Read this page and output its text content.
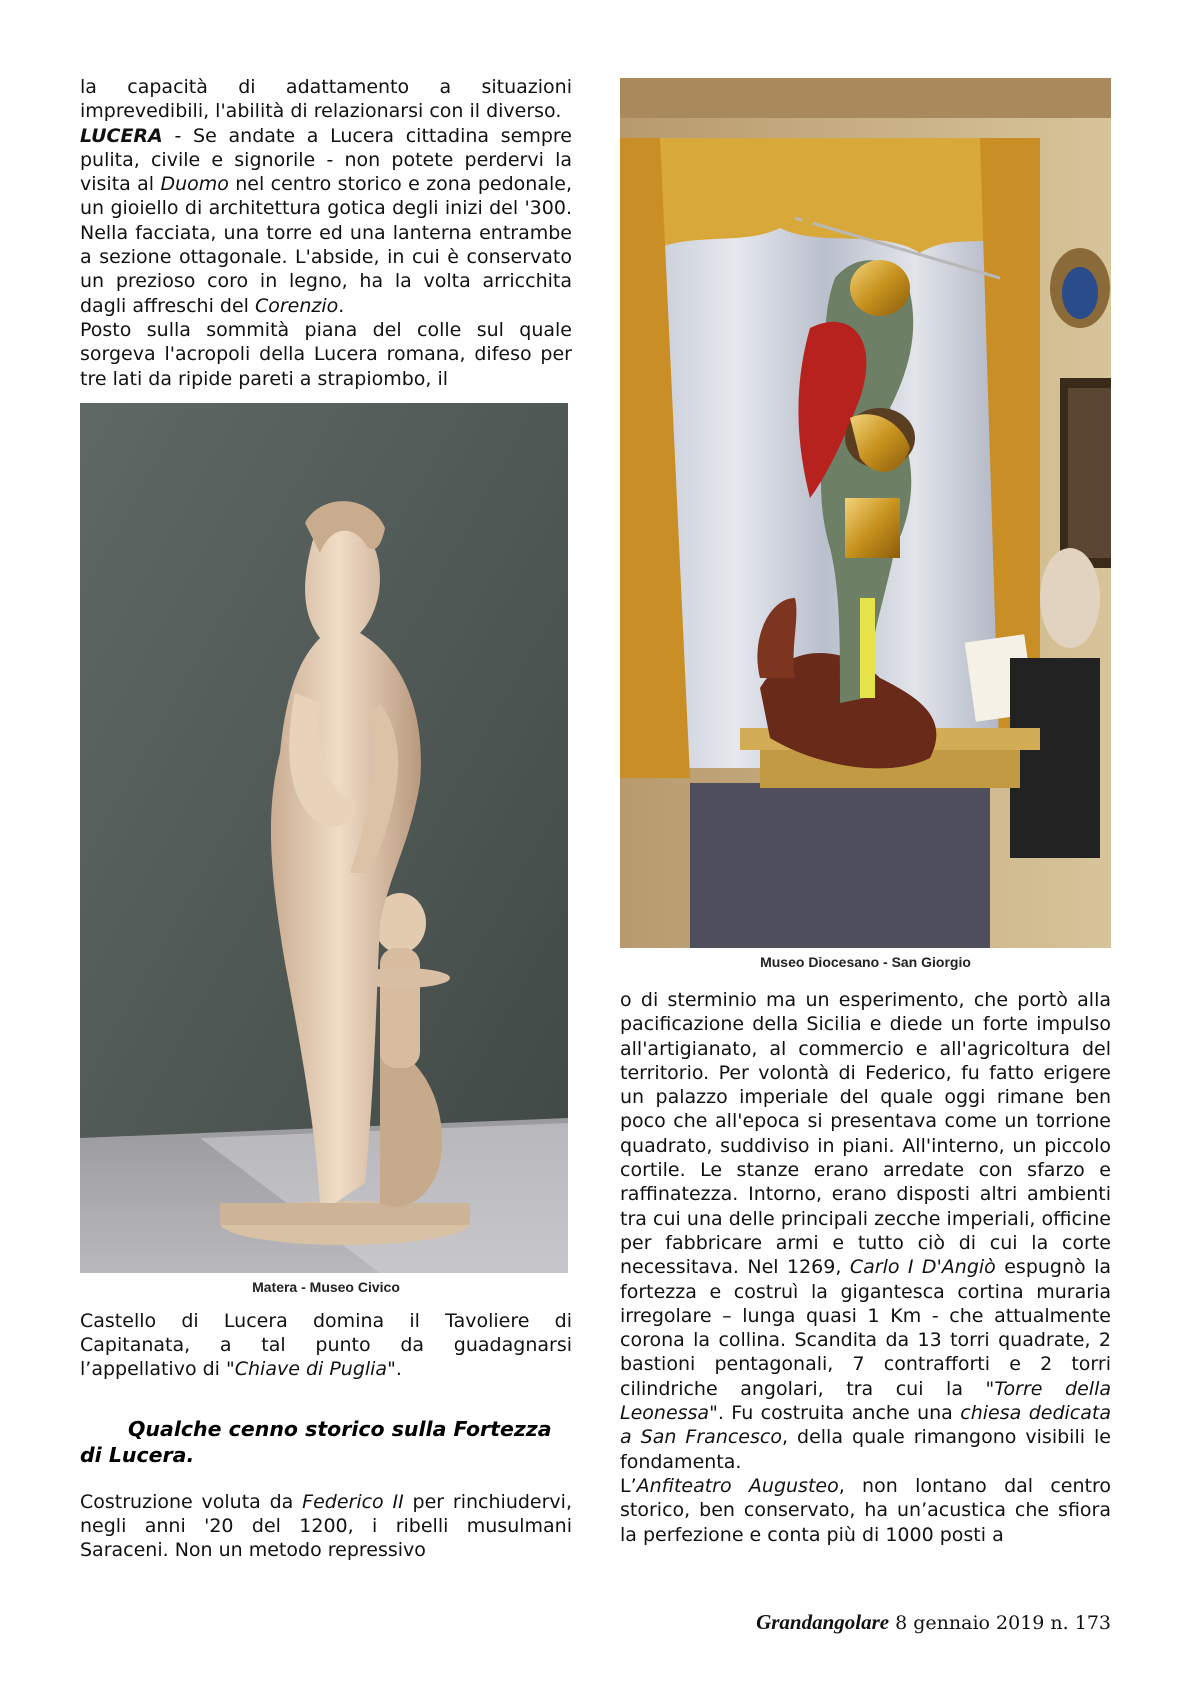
la capacità di adattamento a situazioni imprevedibili, l'abilità di relazionarsi con il diverso.

LUCERA - Se andate a Lucera cittadina sempre pulita, civile e signorile - non potete perdervi la visita al Duomo nel centro storico e zona pedonale, un gioiello di architettura gotica degli inizi del '300. Nella facciata, una torre ed una lanterna entrambe a sezione ottagonale. L'abside, in cui è conservato un prezioso coro in legno, ha la volta arricchita dagli affreschi del Corenzio.

Posto sulla sommità piana del colle sul quale sorgeva l'acropoli della Lucera romana, difeso per tre lati da ripide pareti a strapiombo, il

Matera - Museo Civico

Castello di Lucera domina il Tavoliere di Capitanata, a tal punto da guadagnarsi l’appellativo di "Chiave di Puglia".

Qualche cenno storico sulla Fortezza di Lucera.

Costruzione voluta da Federico II per rinchiudervi, negli anni '20 del 1200, i ribelli musulmani Saraceni. Non un metodo repressivo

Museo Diocesano - San Giorgio

o di sterminio ma un esperimento, che portò alla pacificazione della Sicilia e diede un forte impulso all'artigianato, al commercio e all'agricoltura del territorio. Per volontà di Federico, fu fatto erigere un palazzo imperiale del quale oggi rimane ben poco che all'epoca si presentava come un torrione quadrato, suddiviso in piani. All'interno, un piccolo cortile. Le stanze erano arredate con sfarzo e raffinatezza. Intorno, erano disposti altri ambienti tra cui una delle principali zecche imperiali, officine per fabbricare armi e tutto ciò di cui la corte necessitava. Nel 1269, Carlo I D'Angiò espugnò la fortezza e costruì la gigantesca cortina muraria irregolare – lunga quasi 1 Km - che attualmente corona la collina. Scandita da 13 torri quadrate, 2 bastioni pentagonali, 7 contrafforti e 2 torri cilindriche angolari, tra cui la "Torre della Leonessa". Fu costruita anche una chiesa dedicata a San Francesco, della quale rimangono visibili le fondamenta.

L’Anfiteatro Augusteo, non lontano dal centro storico, ben conservato, ha un’acustica che sfiora la perfezione e conta più di 1000 posti a

Grandangolare 8 gennaio 2019 n. 173
